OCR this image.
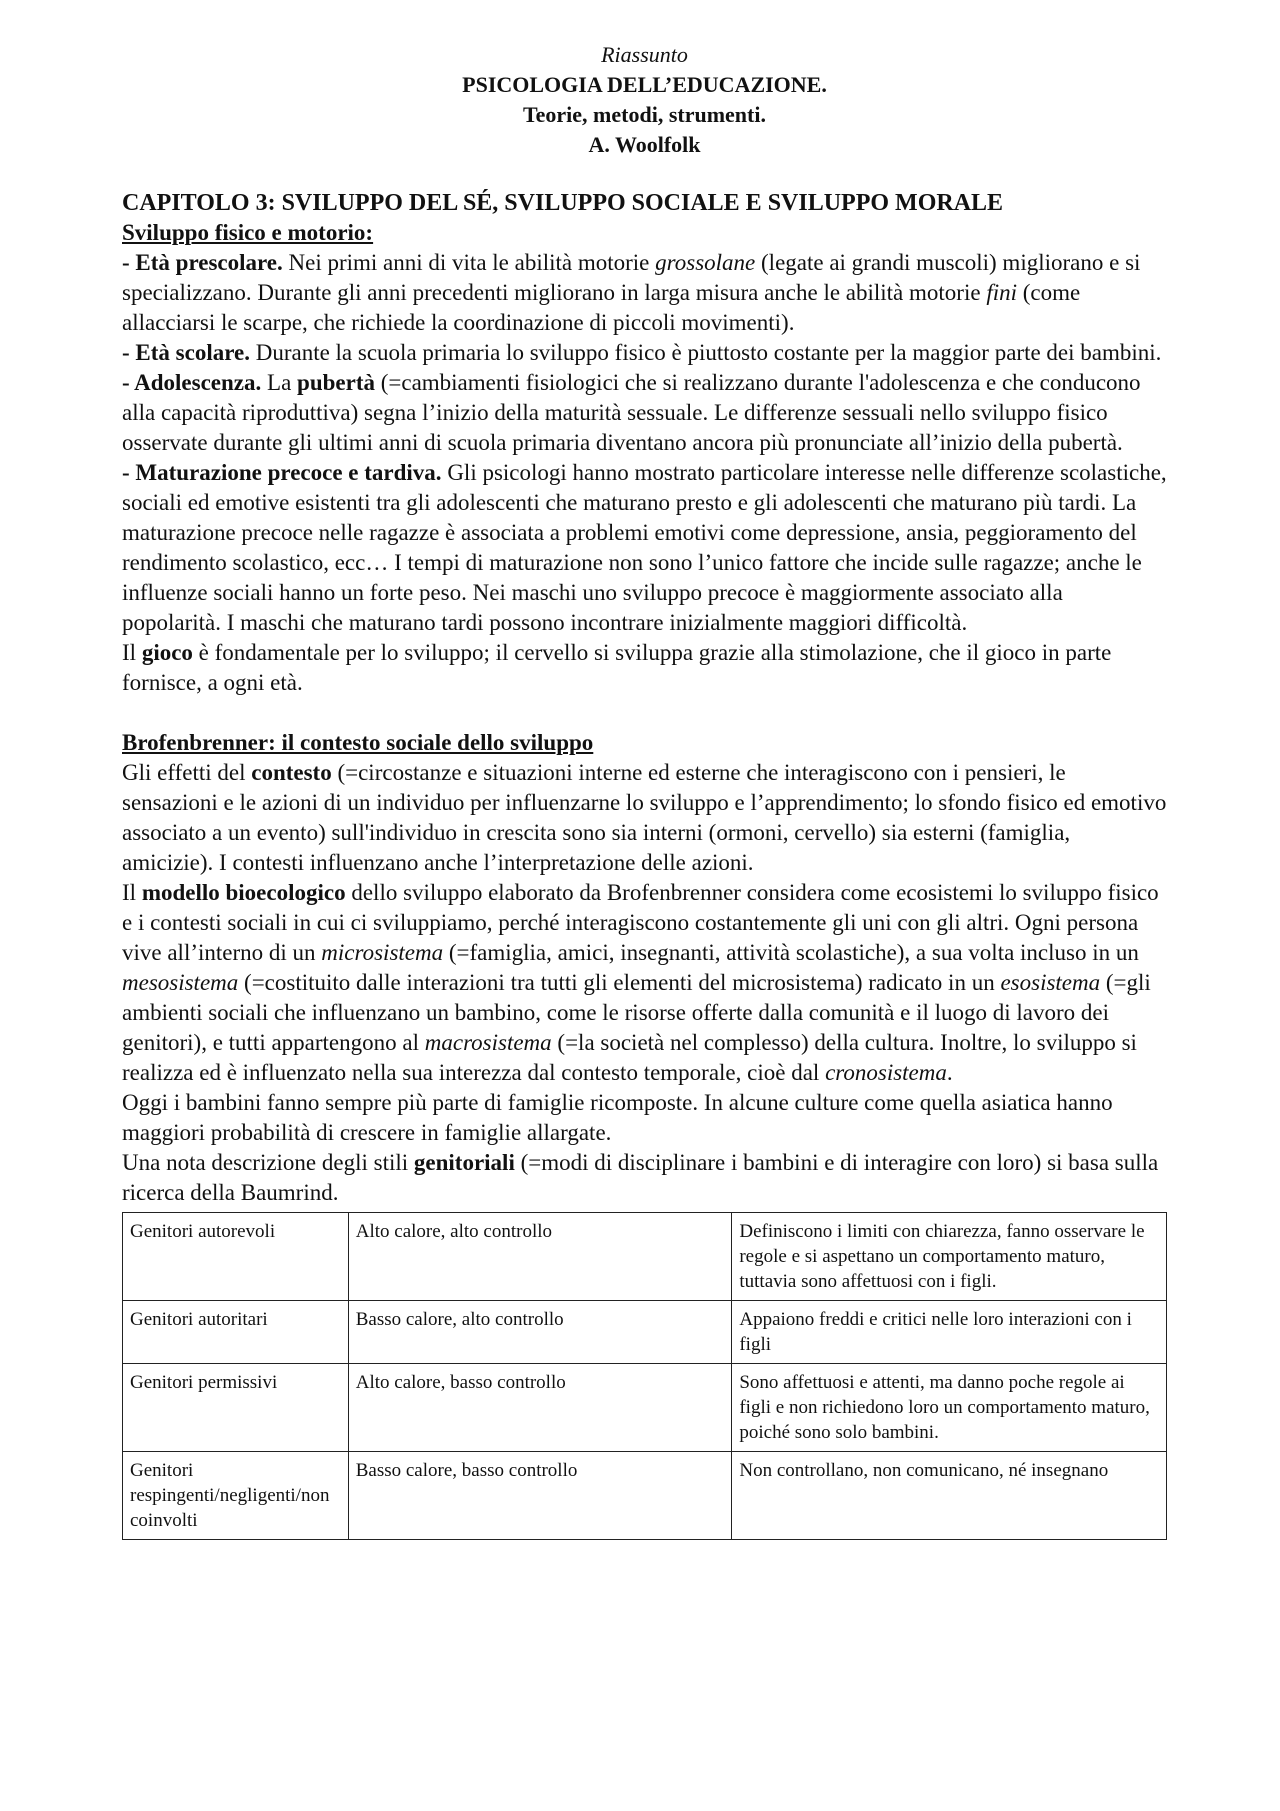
Riassunto
PSICOLOGIA DELL’EDUCAZIONE.
Teorie, metodi, strumenti.
A. Woolfolk
CAPITOLO 3: SVILUPPO DEL SÉ, SVILUPPO SOCIALE E SVILUPPO MORALE
Sviluppo fisico e motorio:

- Età prescolare. Nei primi anni di vita le abilità motorie grossolane (legate ai grandi muscoli) migliorano e si specializzano. Durante gli anni precedenti migliorano in larga misura anche le abilità motorie fini (come allacciarsi le scarpe, che richiede la coordinazione di piccoli movimenti).

- Età scolare. Durante la scuola primaria lo sviluppo fisico è piuttosto costante per la maggior parte dei bambini.

- Adolescenza. La pubertà (=cambiamenti fisiologici che si realizzano durante l'adolescenza e che conducono alla capacità riproduttiva) segna l’inizio della maturità sessuale. Le differenze sessuali nello sviluppo fisico osservate durante gli ultimi anni di scuola primaria diventano ancora più pronunciate all’inizio della pubertà.

- Maturazione precoce e tardiva. Gli psicologi hanno mostrato particolare interesse nelle differenze scolastiche, sociali ed emotive esistenti tra gli adolescenti che maturano presto e gli adolescenti che maturano più tardi. La maturazione precoce nelle ragazze è associata a problemi emotivi come depressione, ansia, peggioramento del rendimento scolastico, ecc… I tempi di maturazione non sono l’unico fattore che incide sulle ragazze; anche le influenze sociali hanno un forte peso. Nei maschi uno sviluppo precoce è maggiormente associato alla popolarità. I maschi che maturano tardi possono incontrare inizialmente maggiori difficoltà.

Il gioco è fondamentale per lo sviluppo; il cervello si sviluppa grazie alla stimolazione, che il gioco in parte fornisce, a ogni età.

Brofenbrenner: il contesto sociale dello sviluppo

Gli effetti del contesto (=circostanze e situazioni interne ed esterne che interagiscono con i pensieri, le sensazioni e le azioni di un individuo per influenzarne lo sviluppo e l’apprendimento; lo sfondo fisico ed emotivo associato a un evento) sull'individuo in crescita sono sia interni (ormoni, cervello) sia esterni (famiglia, amicizie). I contesti influenzano anche l’interpretazione delle azioni.

Il modello bioecologico dello sviluppo elaborato da Brofenbrenner considera come ecosistemi lo sviluppo fisico e i contesti sociali in cui ci sviluppiamo, perché interagiscono costantemente gli uni con gli altri. Ogni persona vive all’interno di un microsistema (=famiglia, amici, insegnanti, attività scolastiche), a sua volta incluso in un mesosistema (=costituito dalle interazioni tra tutti gli elementi del microsistema) radicato in un esosistema (=gli ambienti sociali che influenzano un bambino, come le risorse offerte dalla comunità e il luogo di lavoro dei genitori), e tutti appartengono al macrosistema (=la società nel complesso) della cultura. Inoltre, lo sviluppo si realizza ed è influenzato nella sua interezza dal contesto temporale, cioè dal cronosistema.

Oggi i bambini fanno sempre più parte di famiglie ricomposte. In alcune culture come quella asiatica hanno maggiori probabilità di crescere in famiglie allargate.

Una nota descrizione degli stili genitoriali (=modi di disciplinare i bambini e di interagire con loro) si basa sulla ricerca della Baumrind.

Genitori autorevoli	Alto calore, alto controllo	Definiscono i limiti con chiarezza, fanno osservare le regole e si aspettano un comportamento maturo, tuttavia sono affettuosi con i figli.
Genitori autoritari	Basso calore, alto controllo	Appaiono freddi e critici nelle loro interazioni con i figli
Genitori permissivi	Alto calore, basso controllo	Sono affettuosi e attenti, ma danno poche regole ai figli e non richiedono loro un comportamento maturo, poiché sono solo bambini.
Genitori respingenti/negligenti/non coinvolti	Basso calore, basso controllo	Non controllano, non comunicano, né insegnano
